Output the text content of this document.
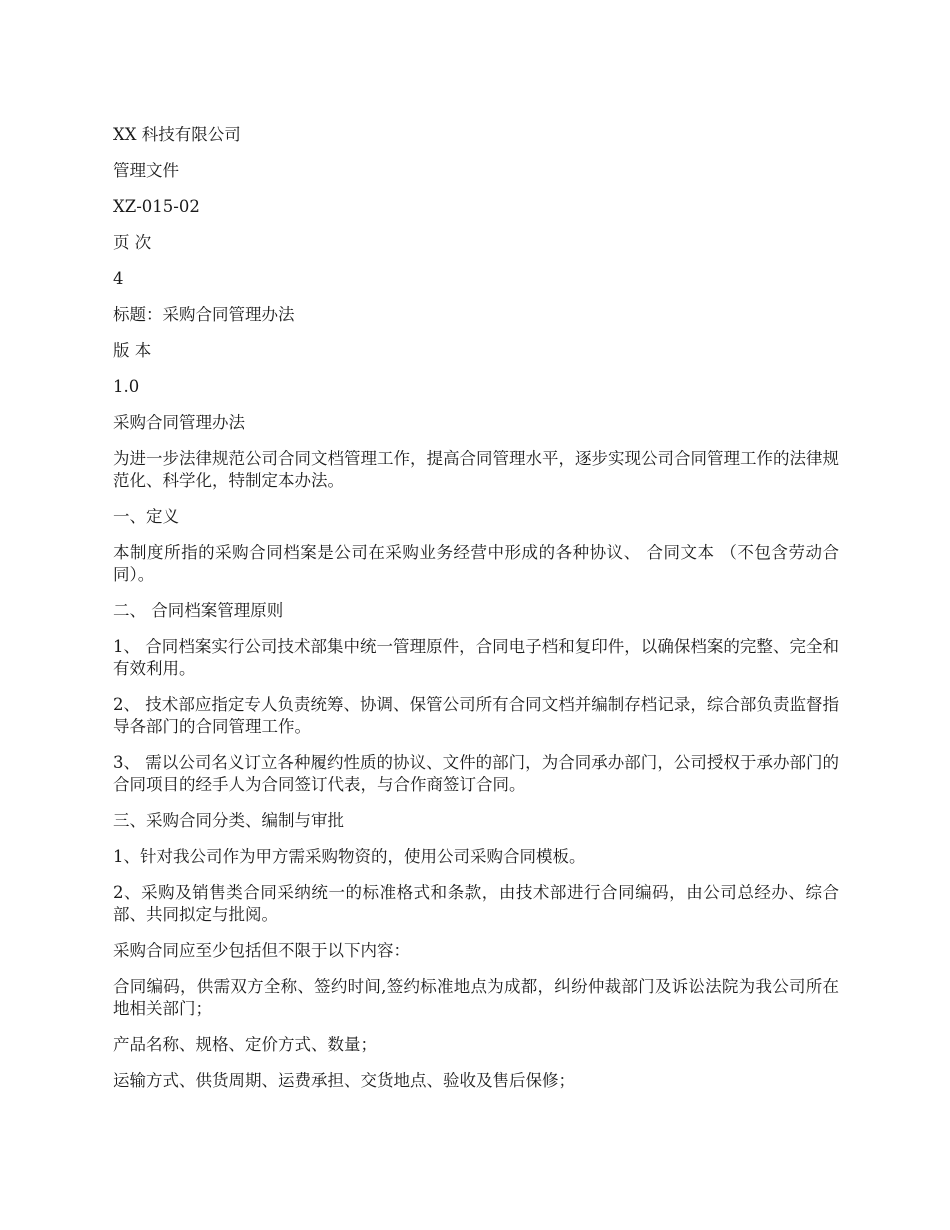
XX 科技有限公司

管理文件

XZ-015-02

页 次

4

标题：采购合同管理办法

版 本

1.0

采购合同管理办法

为进一步法律规范公司合同文档管理工作，提高合同管理水平，逐步实现公司合同管理工作的法律规范化、科学化，特制定本办法。

一、定义

本制度所指的采购合同档案是公司在采购业务经营中形成的各种协议、 合同文本 （不包含劳动合同）。

二、 合同档案管理原则

1、 合同档案实行公司技术部集中统一管理原件，合同电子档和复印件，以确保档案的完整、完全和有效利用。

2、 技术部应指定专人负责统筹、协调、保管公司所有合同文档并编制存档记录，综合部负责监督指导各部门的合同管理工作。

3、 需以公司名义订立各种履约性质的协议、文件的部门，为合同承办部门，公司授权于承办部门的合同项目的经手人为合同签订代表，与合作商签订合同。

三、采购合同分类、编制与审批

1、针对我公司作为甲方需采购物资的，使用公司采购合同模板。

2、采购及销售类合同采纳统一的标准格式和条款，由技术部进行合同编码，由公司总经办、综合部、共同拟定与批阅。

采购合同应至少包括但不限于以下内容：

合同编码，供需双方全称、签约时间,签约标准地点为成都，纠纷仲裁部门及诉讼法院为我公司所在地相关部门；

产品名称、规格、定价方式、数量；

运输方式、供货周期、运费承担、交货地点、验收及售后保修；
